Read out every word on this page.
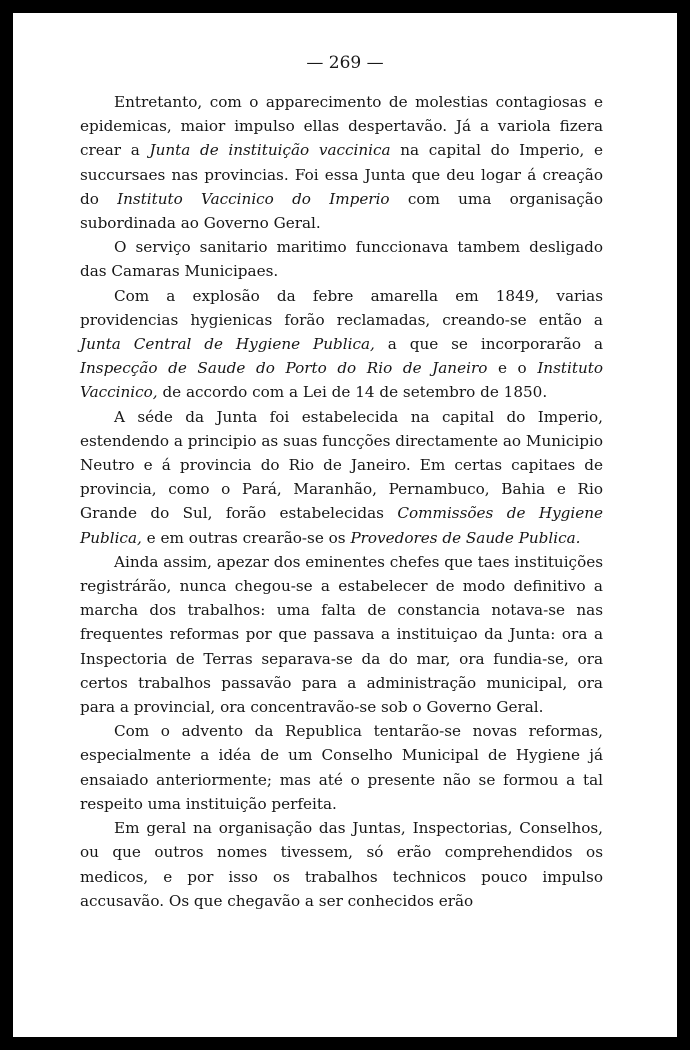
— 269 —

Entretanto, com o apparecimento de molestias contagiosas e epidemicas, maior impulso ellas despertavão. Já a variola fizera crear a Junta de instituição vaccinica na capital do Imperio, e succursaes nas provincias. Foi essa Junta que deu logar á creação do Instituto Vaccinico do Imperio com uma organisação subordinada ao Governo Geral.

O serviço sanitario maritimo funccionava tambem desligado das Camaras Municipaes.

Com a explosão da febre amarella em 1849, varias providencias hygienicas forão reclamadas, creando-se então a Junta Central de Hygiene Publica, a que se incorporarão a Inspecção de Saude do Porto do Rio de Janeiro e o Instituto Vaccinico, de accordo com a Lei de 14 de setembro de 1850.

A séde da Junta foi estabelecida na capital do Imperio, estendendo a principio as suas funcções directamente ao Municipio Neutro e á provincia do Rio de Janeiro. Em certas capitaes de provincia, como o Pará, Maranhão, Pernambuco, Bahia e Rio Grande do Sul, forão estabelecidas Commissões de Hygiene Publica, e em outras crearão-se os Provedores de Saude Publica.

Ainda assim, apezar dos eminentes chefes que taes instituições registrárão, nunca chegou-se a estabelecer de modo definitivo a marcha dos trabalhos: uma falta de constancia notava-se nas frequentes reformas por que passava a instituiçao da Junta: ora a Inspectoria de Terras separava-se da do mar, ora fundia-se, ora certos trabalhos passavão para a administração municipal, ora para a provincial, ora concentravão-se sob o Governo Geral.

Com o advento da Republica tentarão-se novas reformas, especialmente a idéa de um Conselho Municipal de Hygiene já ensaiado anteriormente; mas até o presente não se formou a tal respeito uma instituição perfeita.

Em geral na organisação das Juntas, Inspectorias, Conselhos, ou que outros nomes tivessem, só erão comprehendidos os medicos, e por isso os trabalhos technicos pouco impulso accusavão. Os que chegavão a ser conhecidos erão
